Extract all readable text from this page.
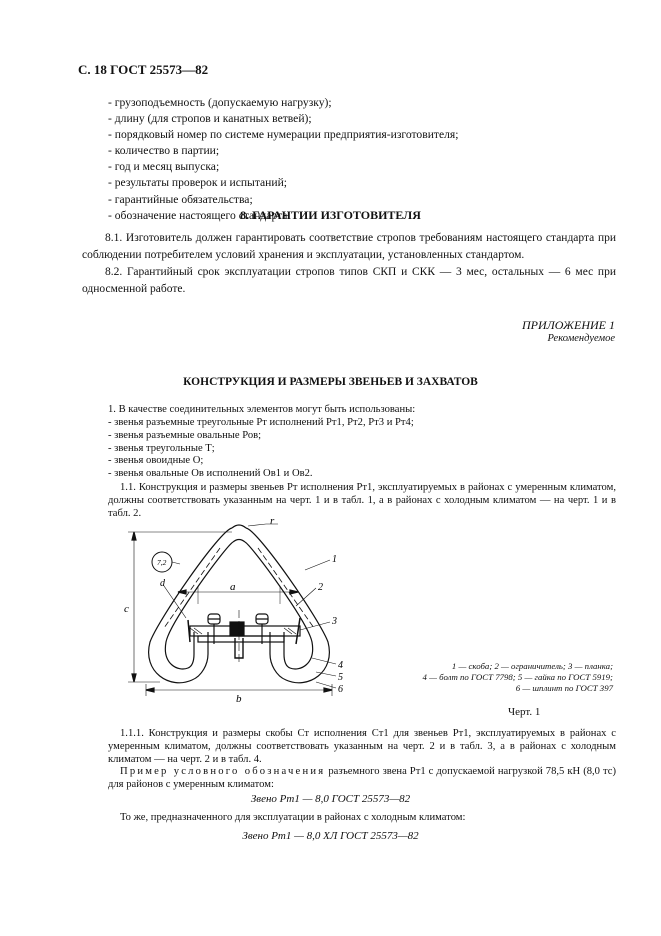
С. 18 ГОСТ 25573—82
- грузоподъемность (допускаемую нагрузку);
- длину (для стропов и канатных ветвей);
- порядковый номер по системе нумерации предприятия-изготовителя;
- количество в партии;
- год и месяц выпуска;
- результаты проверок и испытаний;
- гарантийные обязательства;
- обозначение настоящего стандарта.
8. ГАРАНТИИ ИЗГОТОВИТЕЛЯ

8.1. Изготовитель должен гарантировать соответствие стропов требованиям настоящего стандарта при соблюдении потребителем условий хранения и эксплуатации, установленных стандартом.

8.2. Гарантийный срок эксплуатации стропов типов СКП и СКК — 3 мес, остальных — 6 мес при односменной работе.

ПРИЛОЖЕНИЕ 1
Рекомендуемое
КОНСТРУКЦИЯ И РАЗМЕРЫ ЗВЕНЬЕВ И ЗАХВАТОВ
1. В качестве соединительных элементов могут быть использованы:
- звенья разъемные треугольные Рт исполнений Рт1, Рт2, Рт3 и Рт4;
- звенья разъемные овальные Ров;
- звенья треугольные Т;
- звенья овоидные О;
- звенья овальные Ов исполнений Ов1 и Ов2.

1.1. Конструкция и размеры звеньев Рт исполнения Рт1, эксплуатируемых в районах с умеренным климатом, должны соответствовать указанным на черт. 1 и в табл. 1, а в районах с холодным климатом — на черт. 1 и в табл. 2.

r
7,2
d	a
b
c
1
2
3
4
5
6
1 — скоба; 2 — ограничитель; 3 — планка;
4 — болт по ГОСТ 7798; 5 — гайка по ГОСТ 5919;
6 — шплинт по ГОСТ 397
Черт. 1

1.1.1. Конструкция и размеры скобы Ст исполнения Ст1 для звеньев Рт1, эксплуатируемых в районах с умеренным климатом, должны соответствовать указанным на черт. 2 и в табл. 3, а в районах с холодным климатом — на черт. 2 и в табл. 4.

Пример условного обозначения разъемного звена Рт1 с допускаемой нагрузкой 78,5 кН (8,0 тс) для районов с умеренным климатом:

Звено Рт1 — 8,0 ГОСТ 25573—82
То же, предназначенного для эксплуатации в районах с холодным климатом:
Звено Рт1 — 8,0 ХЛ ГОСТ 25573—82
